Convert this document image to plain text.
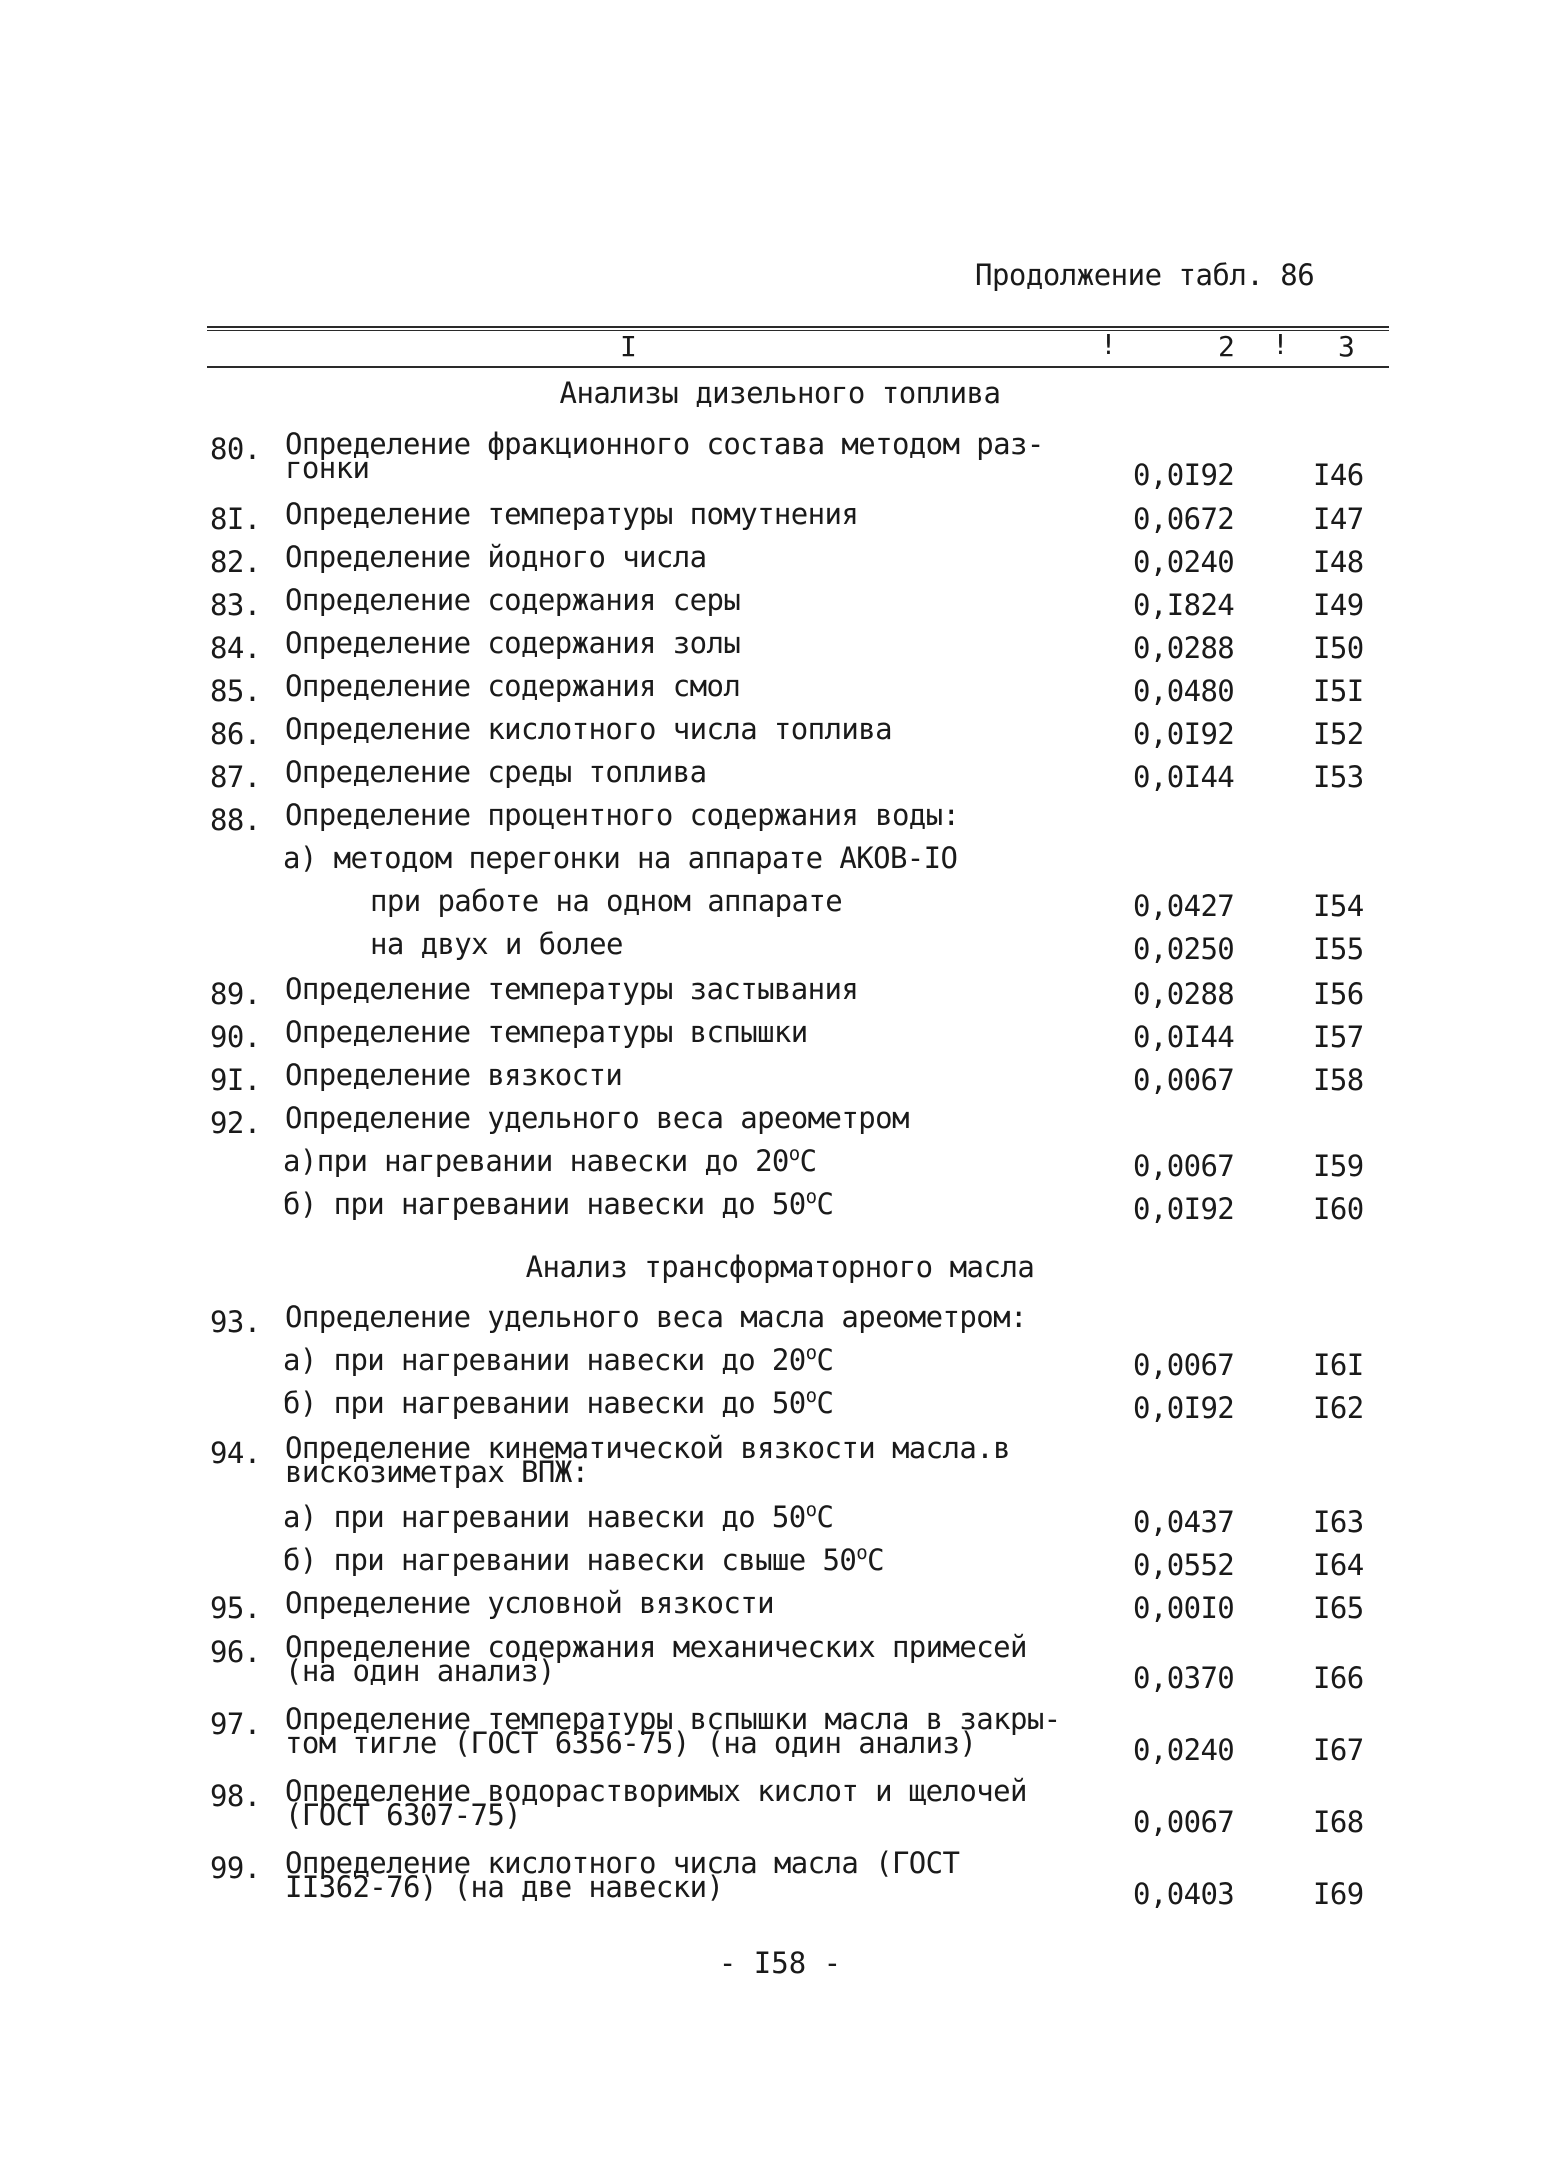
Продолжение табл. 86
I	!	2 ! 3
Анализы дизельного топлива
Анализ трансформаторного масла
80. Определение фракционного состава методом раз-
гонки	0,0I92	I46
8I. Определение температуры помутнения	0,0672	I47
82. Определение йодного числа	0,0240	I48
83. Определение содержания серы	0,I824	I49
84. Определение содержания золы	0,0288	I50
85. Определение содержания смол	0,0480	I5I
86. Определение кислотного числа топлива	0,0I92	I52
87. Определение среды топлива	0,0I44	I53
88. Определение процентного содержания воды:
а) методом перегонки на аппарате АКОВ-IO
при работе на одном аппарате	0,0427	I54
на двух и более	0,0250	I55
89. Определение температуры застывания	0,0288	I56
90. Определение температуры вспышки	0,0I44	I57
9I. Определение вязкости	0,0067	I58
92. Определение удельного веса ареометром
а)при нагревании навески до 20$^o$C	0,0067	I59
б) при нагревании навески до 50$^o$C	0,0I92	I60
93. Определение удельного веса масла ареометром:
а) при нагревании навески до 20$^o$C	0,0067	I6I
б) при нагревании навески до 50$^o$C	0,0I92	I62
94. Определение кинематической вязкости масла.в
вискозиметрах ВПЖ:
а) при нагревании навески до 50$^o$C	0,0437	I63
б) при нагревании навески свыше 50$^o$C	0,0552	I64
95. Определение условной вязкости	0,00I0	I65
96. Определение содержания механических примесей
(на один анализ)	0,0370	I66
97. Определение температуры вспышки масла в закры-
том тигле (ГОСТ 6356-75) (на один анализ)	0,0240	I67
98. Определение водорастворимых кислот и щелочей
(ГОСТ 6307-75)	0,0067	I68
99. Определение кислотного числа масла (ГОСТ
II362-76) (на две навески)	0,0403	I69
- I58 -
